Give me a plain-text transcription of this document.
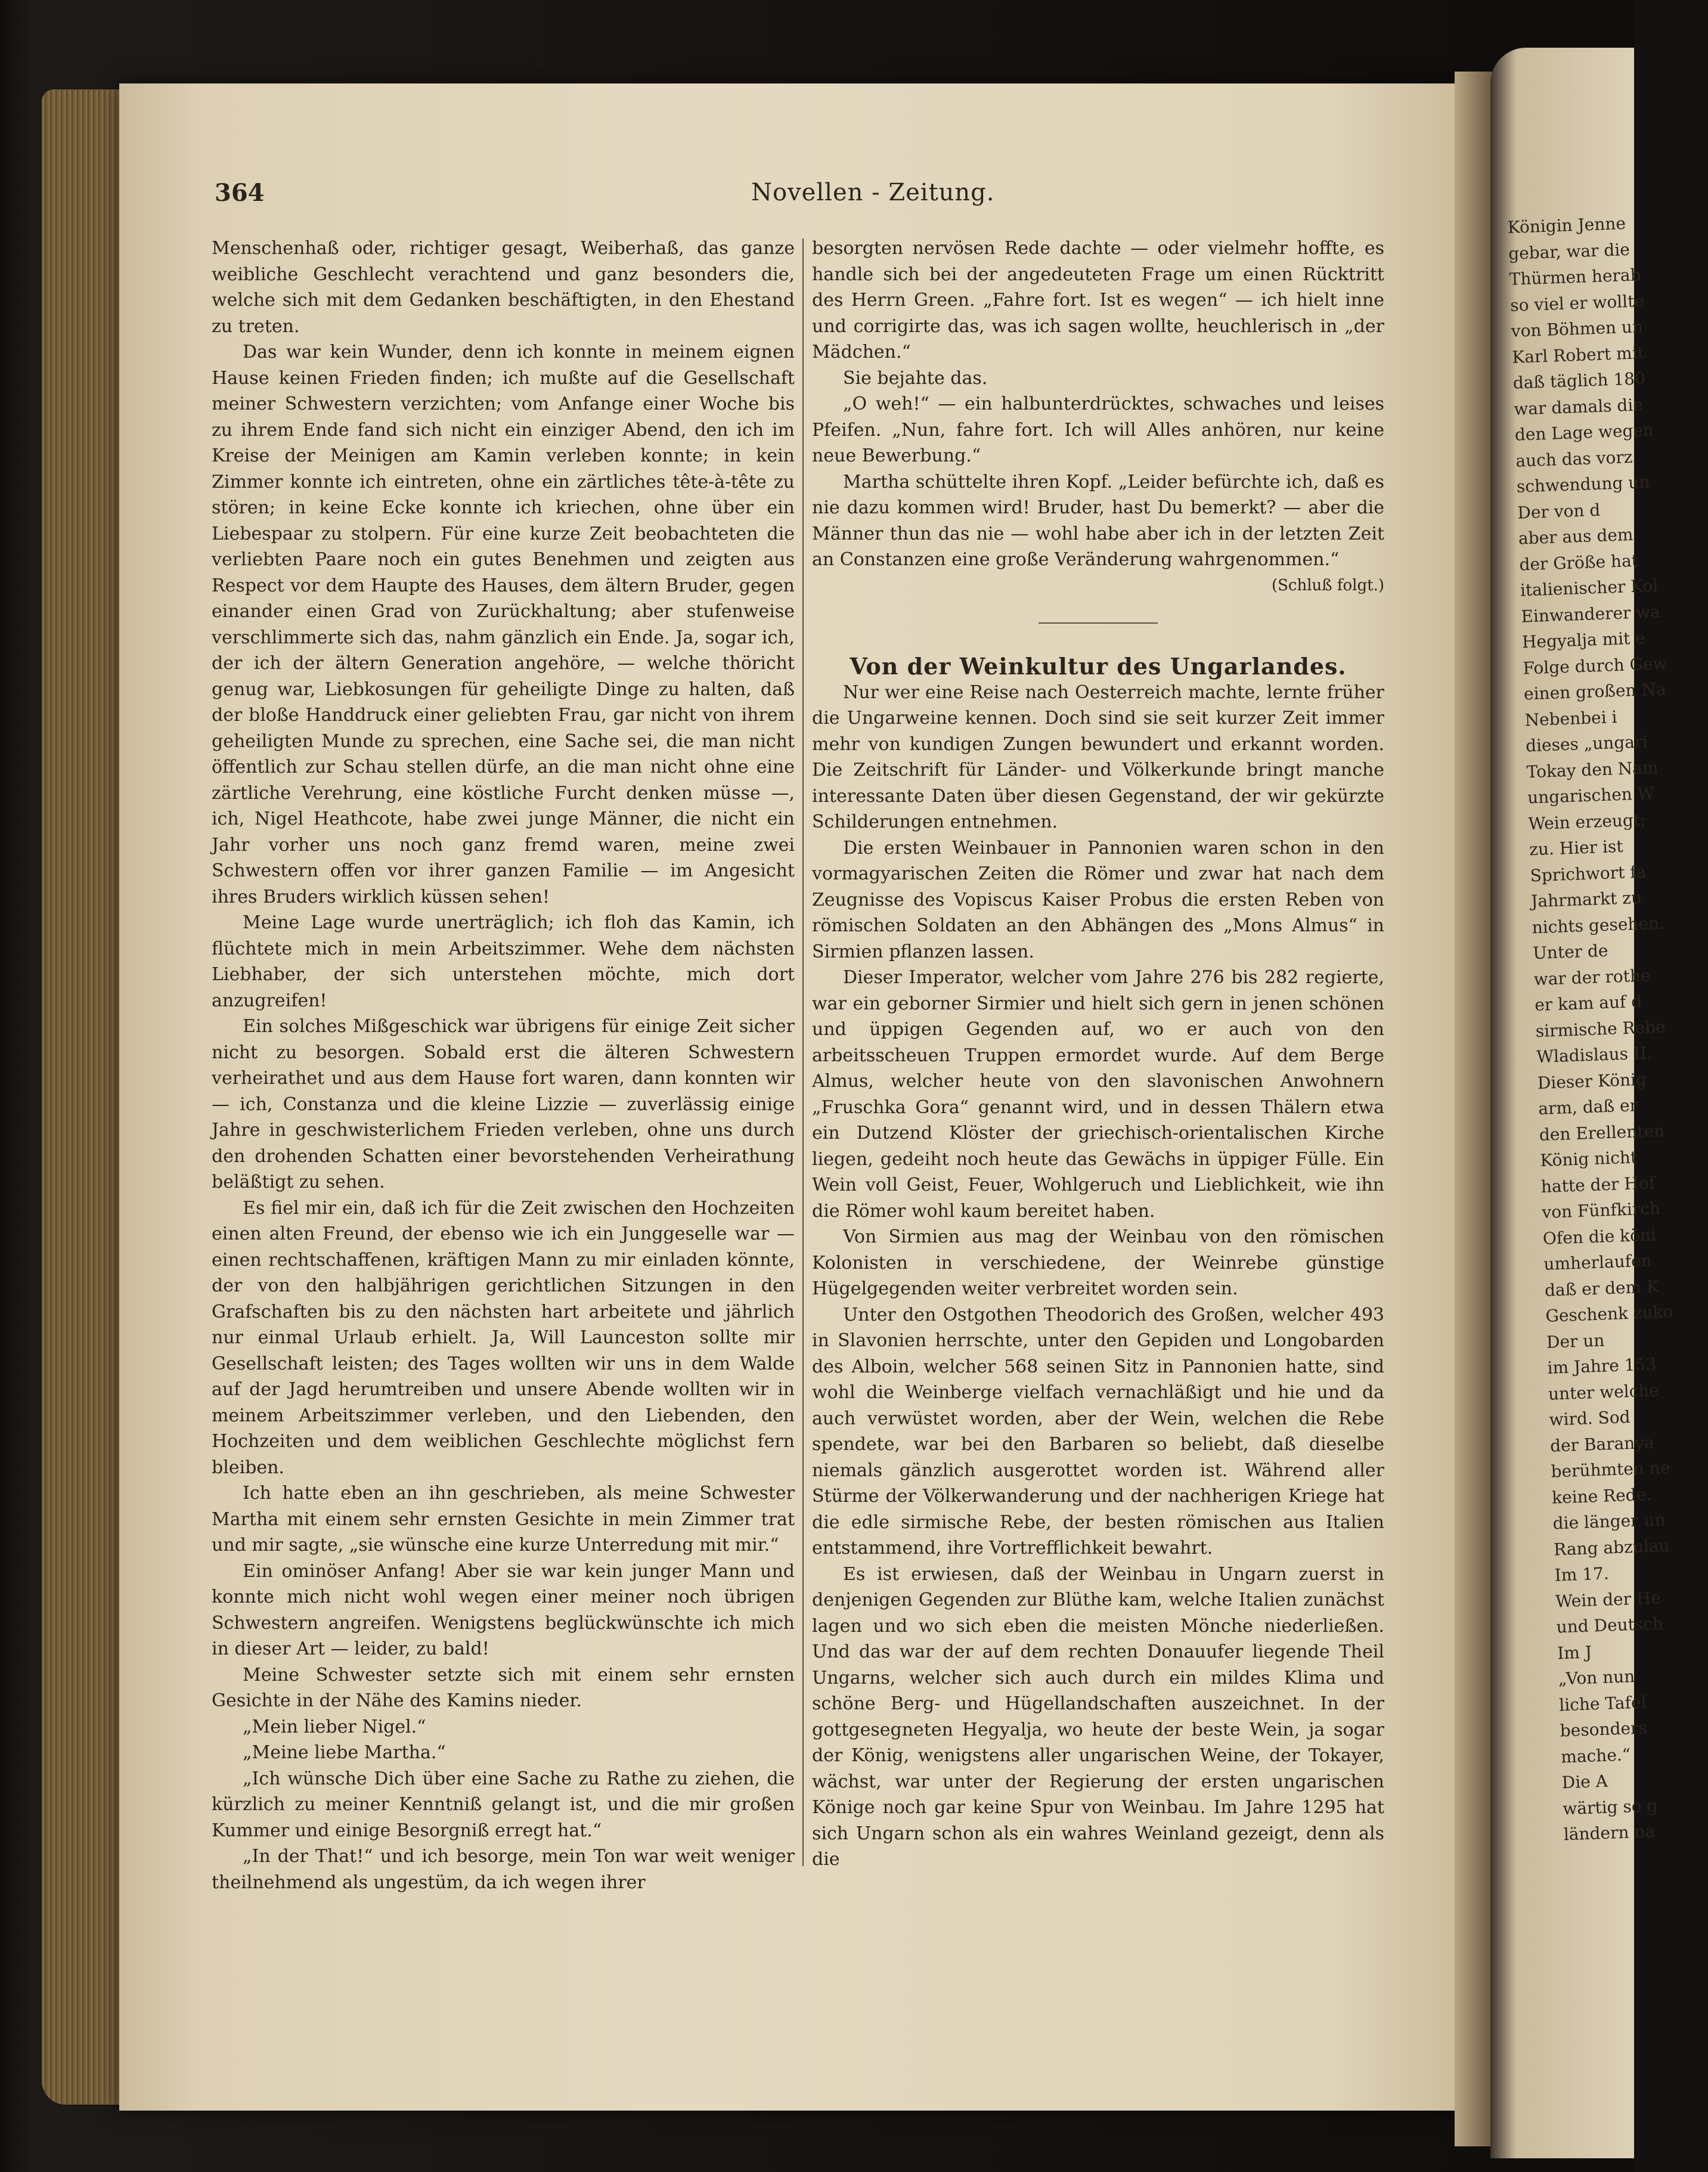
Königin Jenne
gebar, war die
Thürmen herab
so viel er wollte
von Böhmen un
Karl Robert mit
daß täglich 180
war damals die
den Lage wegen
auch das vorz
schwendung un
Der von d
aber aus dem
der Größe hat
italienischer Kol
Einwanderer wa
Hegyalja mit e
Folge durch Gew
einen großen Na
Nebenbei i
dieses „ungari
Tokay den Nam
ungarischen W
Wein erzeugt;
zu. Hier ist
Sprichwort fa
Jahrmarkt zu
nichts gesehen.
Unter de
war der rothe
er kam auf d
sirmische Rebe
Wladislaus II.
Dieser König
arm, daß er
den Erellenten
König nicht
hatte der Hof
von Fünfkirch
Ofen die köni
umherlaufen
daß er dem K
Geschenk zuko
Der un
im Jahre 153
unter welche
wird. Sod
der Baranya
berühmten ne
keine Rede.
die länger un
Rang abzulau
Im 17.
Wein der He
und Deutsch
Im J
„Von nun
liche Tafel
besonders
mache.“
Die A
wärtig so g
ländern na
364	Novellen - Zeitung.

Menschenhaß oder, richtiger gesagt, Weiberhaß, das ganze weibliche Geschlecht verachtend und ganz besonders die, welche sich mit dem Gedanken beschäftigten, in den Ehestand zu treten.

Das war kein Wunder, denn ich konnte in meinem eignen Hause keinen Frieden finden; ich mußte auf die Gesellschaft meiner Schwestern verzichten; vom Anfange einer Woche bis zu ihrem Ende fand sich nicht ein einziger Abend, den ich im Kreise der Meinigen am Kamin verleben konnte; in kein Zimmer konnte ich eintreten, ohne ein zärtliches tête-à-tête zu stören; in keine Ecke konnte ich kriechen, ohne über ein Liebespaar zu stolpern. Für eine kurze Zeit beobachteten die verliebten Paare noch ein gutes Benehmen und zeigten aus Respect vor dem Haupte des Hauses, dem ältern Bruder, gegen einander einen Grad von Zurückhaltung; aber stufenweise verschlimmerte sich das, nahm gänzlich ein Ende. Ja, sogar ich, der ich der ältern Generation angehöre, — welche thöricht genug war, Liebkosungen für geheiligte Dinge zu halten, daß der bloße Handdruck einer geliebten Frau, gar nicht von ihrem geheiligten Munde zu sprechen, eine Sache sei, die man nicht öffentlich zur Schau stellen dürfe, an die man nicht ohne eine zärtliche Verehrung, eine köstliche Furcht denken müsse —, ich, Nigel Heathcote, habe zwei junge Männer, die nicht ein Jahr vorher uns noch ganz fremd waren, meine zwei Schwestern offen vor ihrer ganzen Familie — im Angesicht ihres Bruders wirklich küssen sehen!

Meine Lage wurde unerträglich; ich floh das Kamin, ich flüchtete mich in mein Arbeitszimmer. Wehe dem nächsten Liebhaber, der sich unterstehen möchte, mich dort anzugreifen!

Ein solches Mißgeschick war übrigens für einige Zeit sicher nicht zu besorgen. Sobald erst die älteren Schwestern verheirathet und aus dem Hause fort waren, dann konnten wir — ich, Constanza und die kleine Lizzie — zuverlässig einige Jahre in geschwisterlichem Frieden verleben, ohne uns durch den drohenden Schatten einer bevorstehenden Verheirathung beläßtigt zu sehen.

Es fiel mir ein, daß ich für die Zeit zwischen den Hochzeiten einen alten Freund, der ebenso wie ich ein Junggeselle war — einen rechtschaffenen, kräftigen Mann zu mir einladen könnte, der von den halbjährigen gerichtlichen Sitzungen in den Grafschaften bis zu den nächsten hart arbeitete und jährlich nur einmal Urlaub erhielt. Ja, Will Launceston sollte mir Gesellschaft leisten; des Tages wollten wir uns in dem Walde auf der Jagd herumtreiben und unsere Abende wollten wir in meinem Arbeitszimmer verleben, und den Liebenden, den Hochzeiten und dem weiblichen Geschlechte möglichst fern bleiben.

Ich hatte eben an ihn geschrieben, als meine Schwester Martha mit einem sehr ernsten Gesichte in mein Zimmer trat und mir sagte, „sie wünsche eine kurze Unterredung mit mir.“

Ein ominöser Anfang! Aber sie war kein junger Mann und konnte mich nicht wohl wegen einer meiner noch übrigen Schwestern angreifen. Wenigstens beglückwünschte ich mich in dieser Art — leider, zu bald!

Meine Schwester setzte sich mit einem sehr ernsten Gesichte in der Nähe des Kamins nieder.

„Mein lieber Nigel.“

„Meine liebe Martha.“

„Ich wünsche Dich über eine Sache zu Rathe zu ziehen, die kürzlich zu meiner Kenntniß gelangt ist, und die mir großen Kummer und einige Besorgniß erregt hat.“

„In der That!“ und ich besorge, mein Ton war weit weniger theilnehmend als ungestüm, da ich wegen ihrer

besorgten nervösen Rede dachte — oder vielmehr hoffte, es handle sich bei der angedeuteten Frage um einen Rücktritt des Herrn Green. „Fahre fort. Ist es wegen“ — ich hielt inne und corrigirte das, was ich sagen wollte, heuchlerisch in „der Mädchen.“

Sie bejahte das.

„O weh!“ — ein halbunterdrücktes, schwaches und leises Pfeifen. „Nun, fahre fort. Ich will Alles anhören, nur keine neue Bewerbung.“

Martha schüttelte ihren Kopf. „Leider befürchte ich, daß es nie dazu kommen wird! Bruder, hast Du bemerkt? — aber die Männer thun das nie — wohl habe aber ich in der letzten Zeit an Constanzen eine große Veränderung wahrgenommen.“

(Schluß folgt.)

Von der Weinkultur des Ungarlandes.

Nur wer eine Reise nach Oesterreich machte, lernte früher die Ungarweine kennen. Doch sind sie seit kurzer Zeit immer mehr von kundigen Zungen bewundert und erkannt worden. Die Zeitschrift für Länder- und Völkerkunde bringt manche interessante Daten über diesen Gegenstand, der wir gekürzte Schilderungen entnehmen.

Die ersten Weinbauer in Pannonien waren schon in den vormagyarischen Zeiten die Römer und zwar hat nach dem Zeugnisse des Vopiscus Kaiser Probus die ersten Reben von römischen Soldaten an den Abhängen des „Mons Almus“ in Sirmien pflanzen lassen.

Dieser Imperator, welcher vom Jahre 276 bis 282 regierte, war ein geborner Sirmier und hielt sich gern in jenen schönen und üppigen Gegenden auf, wo er auch von den arbeitsscheuen Truppen ermordet wurde. Auf dem Berge Almus, welcher heute von den slavonischen Anwohnern „Fruschka Gora“ genannt wird, und in dessen Thälern etwa ein Dutzend Klöster der griechisch-orientalischen Kirche liegen, gedeiht noch heute das Gewächs in üppiger Fülle. Ein Wein voll Geist, Feuer, Wohlgeruch und Lieblichkeit, wie ihn die Römer wohl kaum bereitet haben.

Von Sirmien aus mag der Weinbau von den römischen Kolonisten in verschiedene, der Weinrebe günstige Hügelgegenden weiter verbreitet worden sein.

Unter den Ostgothen Theodorich des Großen, welcher 493 in Slavonien herrschte, unter den Gepiden und Longobarden des Alboin, welcher 568 seinen Sitz in Pannonien hatte, sind wohl die Weinberge vielfach vernachläßigt und hie und da auch verwüstet worden, aber der Wein, welchen die Rebe spendete, war bei den Barbaren so beliebt, daß dieselbe niemals gänzlich ausgerottet worden ist. Während aller Stürme der Völkerwanderung und der nachherigen Kriege hat die edle sirmische Rebe, der besten römischen aus Italien entstammend, ihre Vortrefflichkeit bewahrt.

Es ist erwiesen, daß der Weinbau in Ungarn zuerst in denjenigen Gegenden zur Blüthe kam, welche Italien zunächst lagen und wo sich eben die meisten Mönche niederließen. Und das war der auf dem rechten Donauufer liegende Theil Ungarns, welcher sich auch durch ein mildes Klima und schöne Berg- und Hügellandschaften auszeichnet. In der gottgesegneten Hegyalja, wo heute der beste Wein, ja sogar der König, wenigstens aller ungarischen Weine, der Tokayer, wächst, war unter der Regierung der ersten ungarischen Könige noch gar keine Spur von Weinbau. Im Jahre 1295 hat sich Ungarn schon als ein wahres Weinland gezeigt, denn als die
